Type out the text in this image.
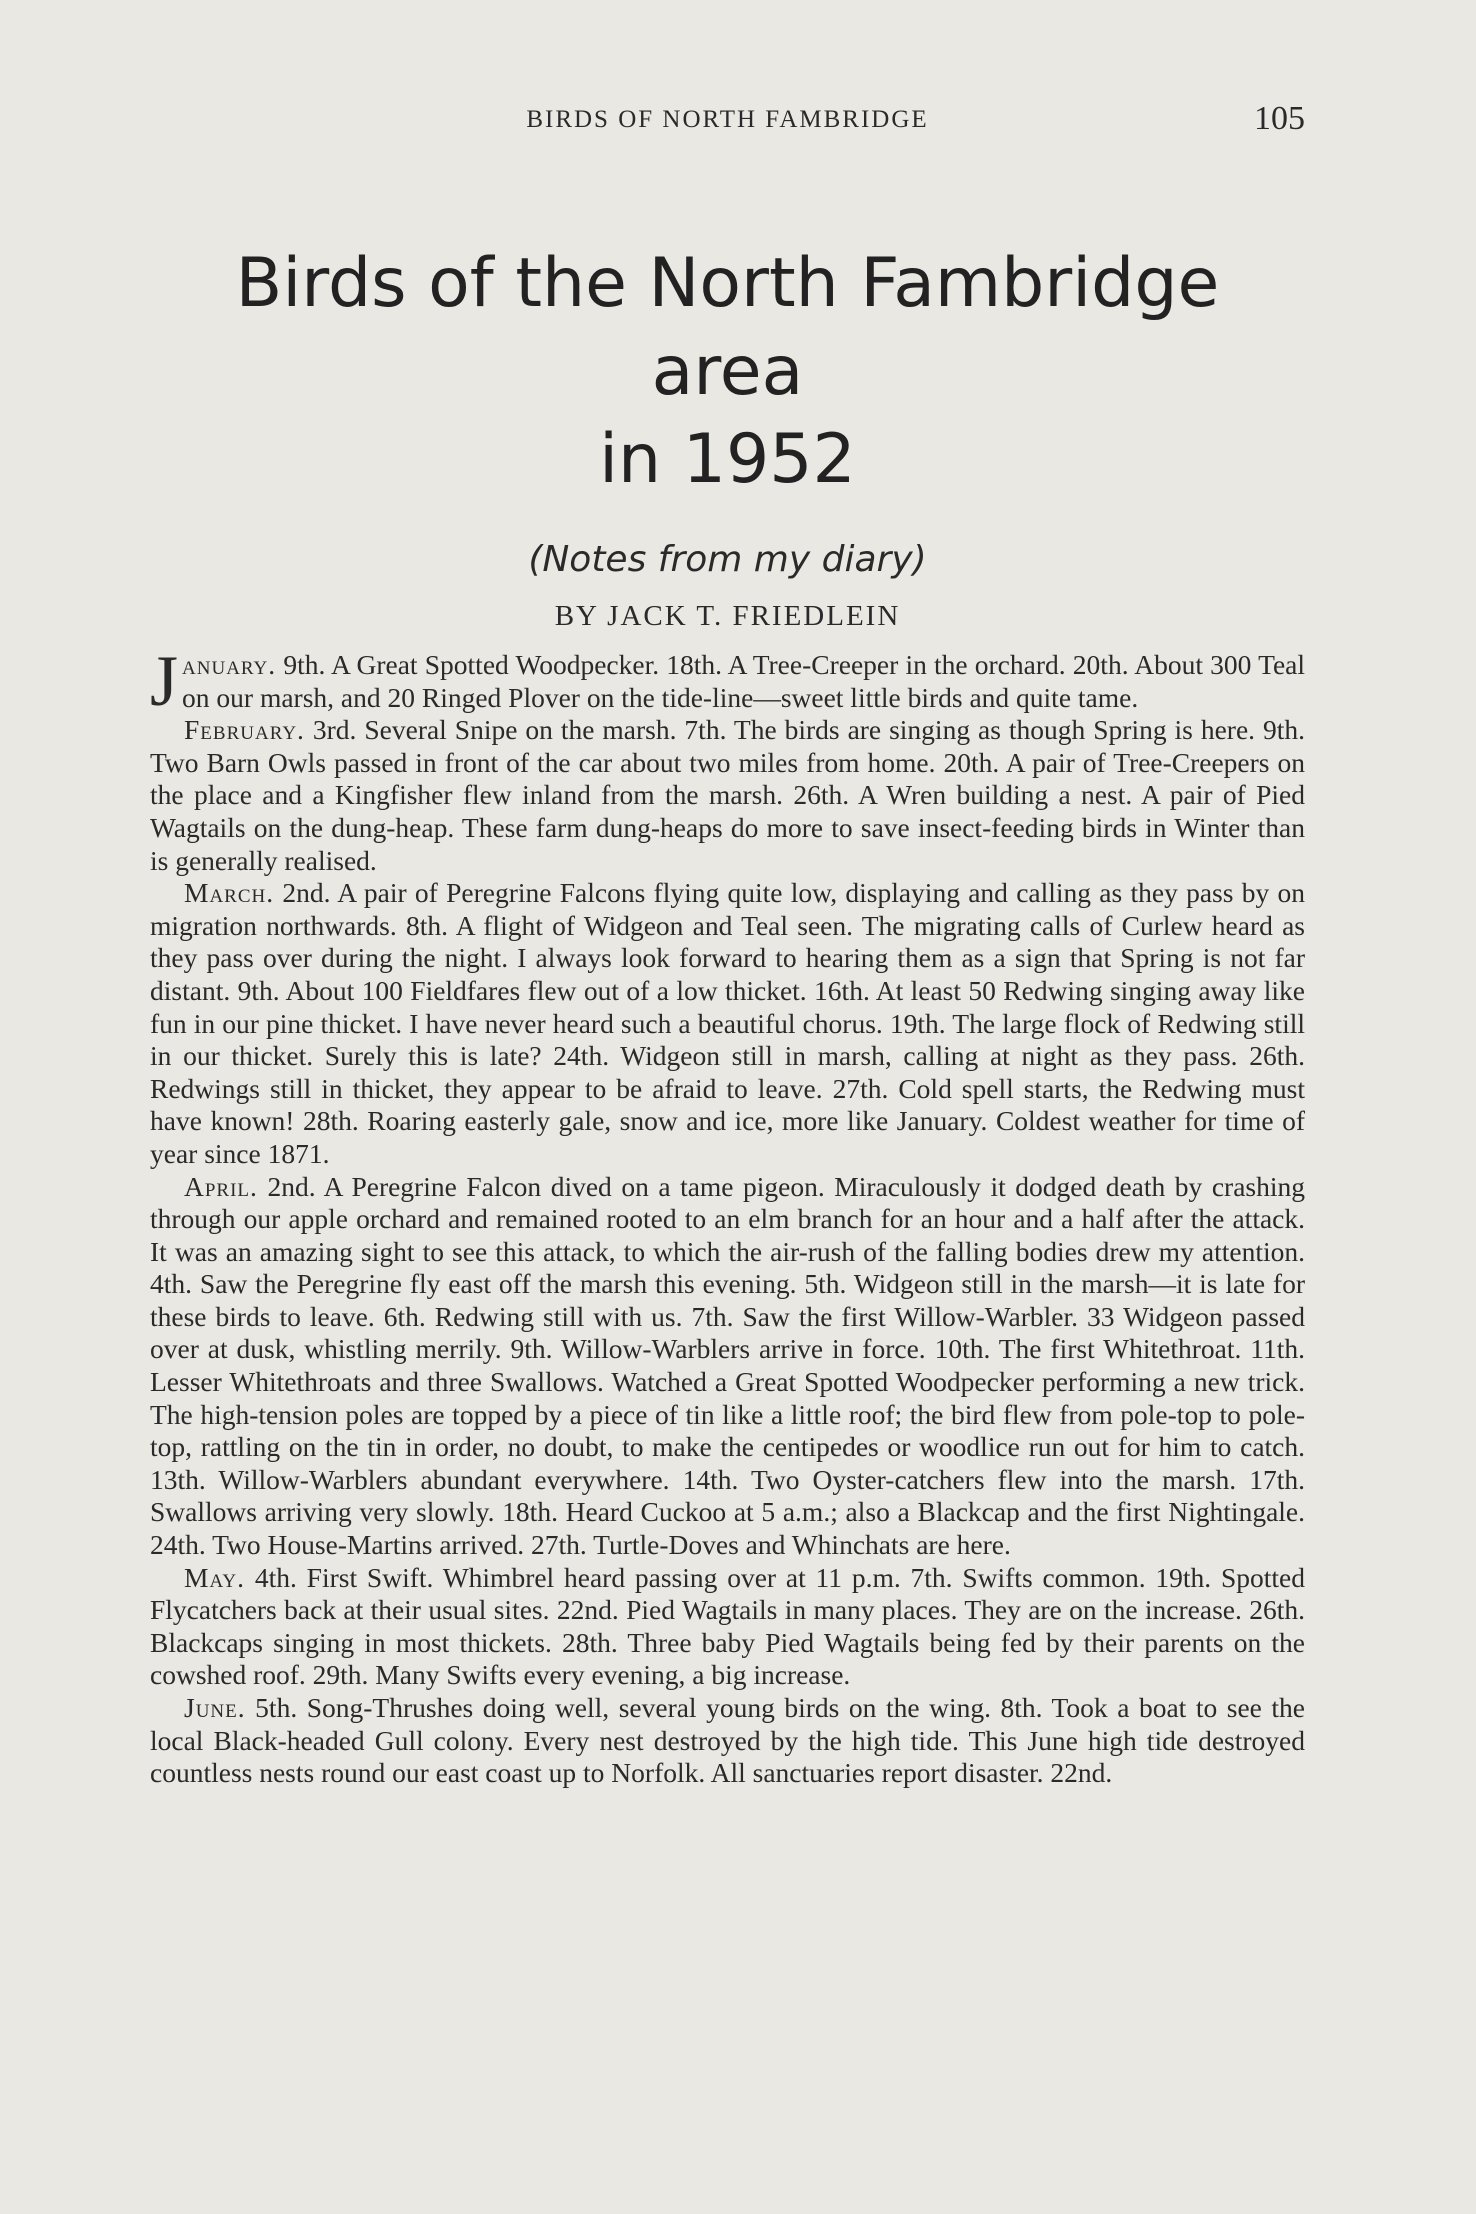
BIRDS OF NORTH FAMBRIDGE	105
Birds of the North Fambridge area
in 1952
(Notes from my diary)
BY JACK T. FRIEDLEIN

January. 9th. A Great Spotted Woodpecker. 18th. A Tree-Creeper in the orchard. 20th. About 300 Teal on our marsh, and 20 Ringed Plover on the tide-line—sweet little birds and quite tame.

February. 3rd. Several Snipe on the marsh. 7th. The birds are singing as though Spring is here. 9th. Two Barn Owls passed in front of the car about two miles from home. 20th. A pair of Tree-Creepers on the place and a Kingfisher flew inland from the marsh. 26th. A Wren building a nest. A pair of Pied Wagtails on the dung-heap. These farm dung-heaps do more to save insect-feeding birds in Winter than is generally realised.

March. 2nd. A pair of Peregrine Falcons flying quite low, displaying and calling as they pass by on migration northwards. 8th. A flight of Widgeon and Teal seen. The migrating calls of Curlew heard as they pass over during the night. I always look forward to hearing them as a sign that Spring is not far distant. 9th. About 100 Fieldfares flew out of a low thicket. 16th. At least 50 Redwing singing away like fun in our pine thicket. I have never heard such a beautiful chorus. 19th. The large flock of Redwing still in our thicket. Surely this is late? 24th. Widgeon still in marsh, calling at night as they pass. 26th. Redwings still in thicket, they appear to be afraid to leave. 27th. Cold spell starts, the Redwing must have known! 28th. Roaring easterly gale, snow and ice, more like January. Coldest weather for time of year since 1871.

April. 2nd. A Peregrine Falcon dived on a tame pigeon. Miraculously it dodged death by crashing through our apple orchard and remained rooted to an elm branch for an hour and a half after the attack. It was an amazing sight to see this attack, to which the air-rush of the falling bodies drew my attention. 4th. Saw the Peregrine fly east off the marsh this evening. 5th. Widgeon still in the marsh—it is late for these birds to leave. 6th. Redwing still with us. 7th. Saw the first Willow-Warbler. 33 Widgeon passed over at dusk, whistling merrily. 9th. Willow-Warblers arrive in force. 10th. The first Whitethroat. 11th. Lesser Whitethroats and three Swallows. Watched a Great Spotted Woodpecker performing a new trick. The high-tension poles are topped by a piece of tin like a little roof; the bird flew from pole-top to pole-top, rattling on the tin in order, no doubt, to make the centipedes or woodlice run out for him to catch. 13th. Willow-Warblers abundant everywhere. 14th. Two Oyster-catchers flew into the marsh. 17th. Swallows arriving very slowly. 18th. Heard Cuckoo at 5 a.m.; also a Blackcap and the first Nightingale. 24th. Two House-Martins arrived. 27th. Turtle-Doves and Whinchats are here.

May. 4th. First Swift. Whimbrel heard passing over at 11 p.m. 7th. Swifts common. 19th. Spotted Flycatchers back at their usual sites. 22nd. Pied Wagtails in many places. They are on the increase. 26th. Blackcaps singing in most thickets. 28th. Three baby Pied Wagtails being fed by their parents on the cowshed roof. 29th. Many Swifts every evening, a big increase.

June. 5th. Song-Thrushes doing well, several young birds on the wing. 8th. Took a boat to see the local Black-headed Gull colony. Every nest destroyed by the high tide. This June high tide destroyed countless nests round our east coast up to Norfolk. All sanctuaries report disaster. 22nd.
